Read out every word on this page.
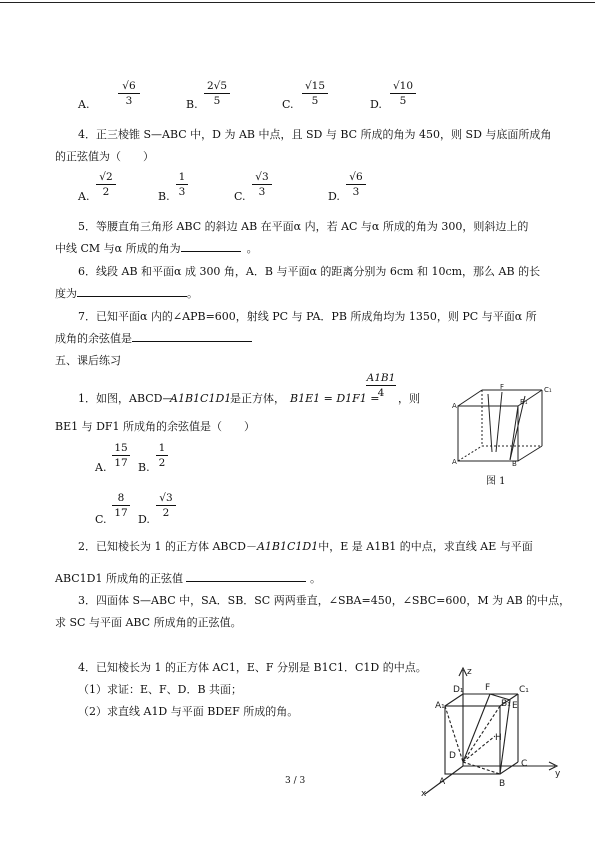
A.
√6
3	B.
2√5
5	C.
√15
5	D.
√10
5
4．正三棱锥 S—ABC 中，D 为 AB 中点，且 SD 与 BC 所成的角为 450，则 SD 与底面所成角
的正弦值为（　　）
A.
√2
2	B.
1
3	C.
√3
3	D.
√6
3
5．等腰直角三角形 ABC 的斜边 AB 在平面α 内，若 AC 与α 所成的角为 300，则斜边上的
中线 CM 与α 所成的角为	。
6．线段 AB 和平面α 成 300 角，A．B 与平面α 的距离分别为 6cm 和 10cm，那么 AB 的长
度为	。
7．已知平面α 内的∠APB=600，射线 PC 与 PA．PB 所成角均为 1350，则 PC 与平面α 所
成角的余弦值是
五、课后练习
1．如图，ABCD—
A1B1C1D1
是正方体， B1E1 = D1F1 =
A1B1
4	，则
BE1 与 DF1 所成角的余弦值是（　　）
A.
15
17 B.
1
2
C.
8
17 D.
√3
2
A	B₁
C₁
F
B
A
图 1
2．已知棱长为 1 的正方体 ABCD－A1B1C1D1中，E 是 A1B1 的中点，求直线 AE 与平面
ABC1D1 所成角的正弦值	。
3．四面体 S—ABC 中，SA．SB．SC 两两垂直，∠SBA=450，∠SBC=600，M 为 AB 的中点，
求 SC 与平面 ABC 所成角的正弦值。
4．已知棱长为 1 的正方体 AC1，E、F 分别是 B1C1．C1D 的中点。
（1）求证：E、F、D．B 共面；
（2）求直线 A1D 与平面 BDEF 所成的角。
z
y
x
D₁ F	C₁
A₁	B₁ E
H
D
C
B
A
3 / 3
